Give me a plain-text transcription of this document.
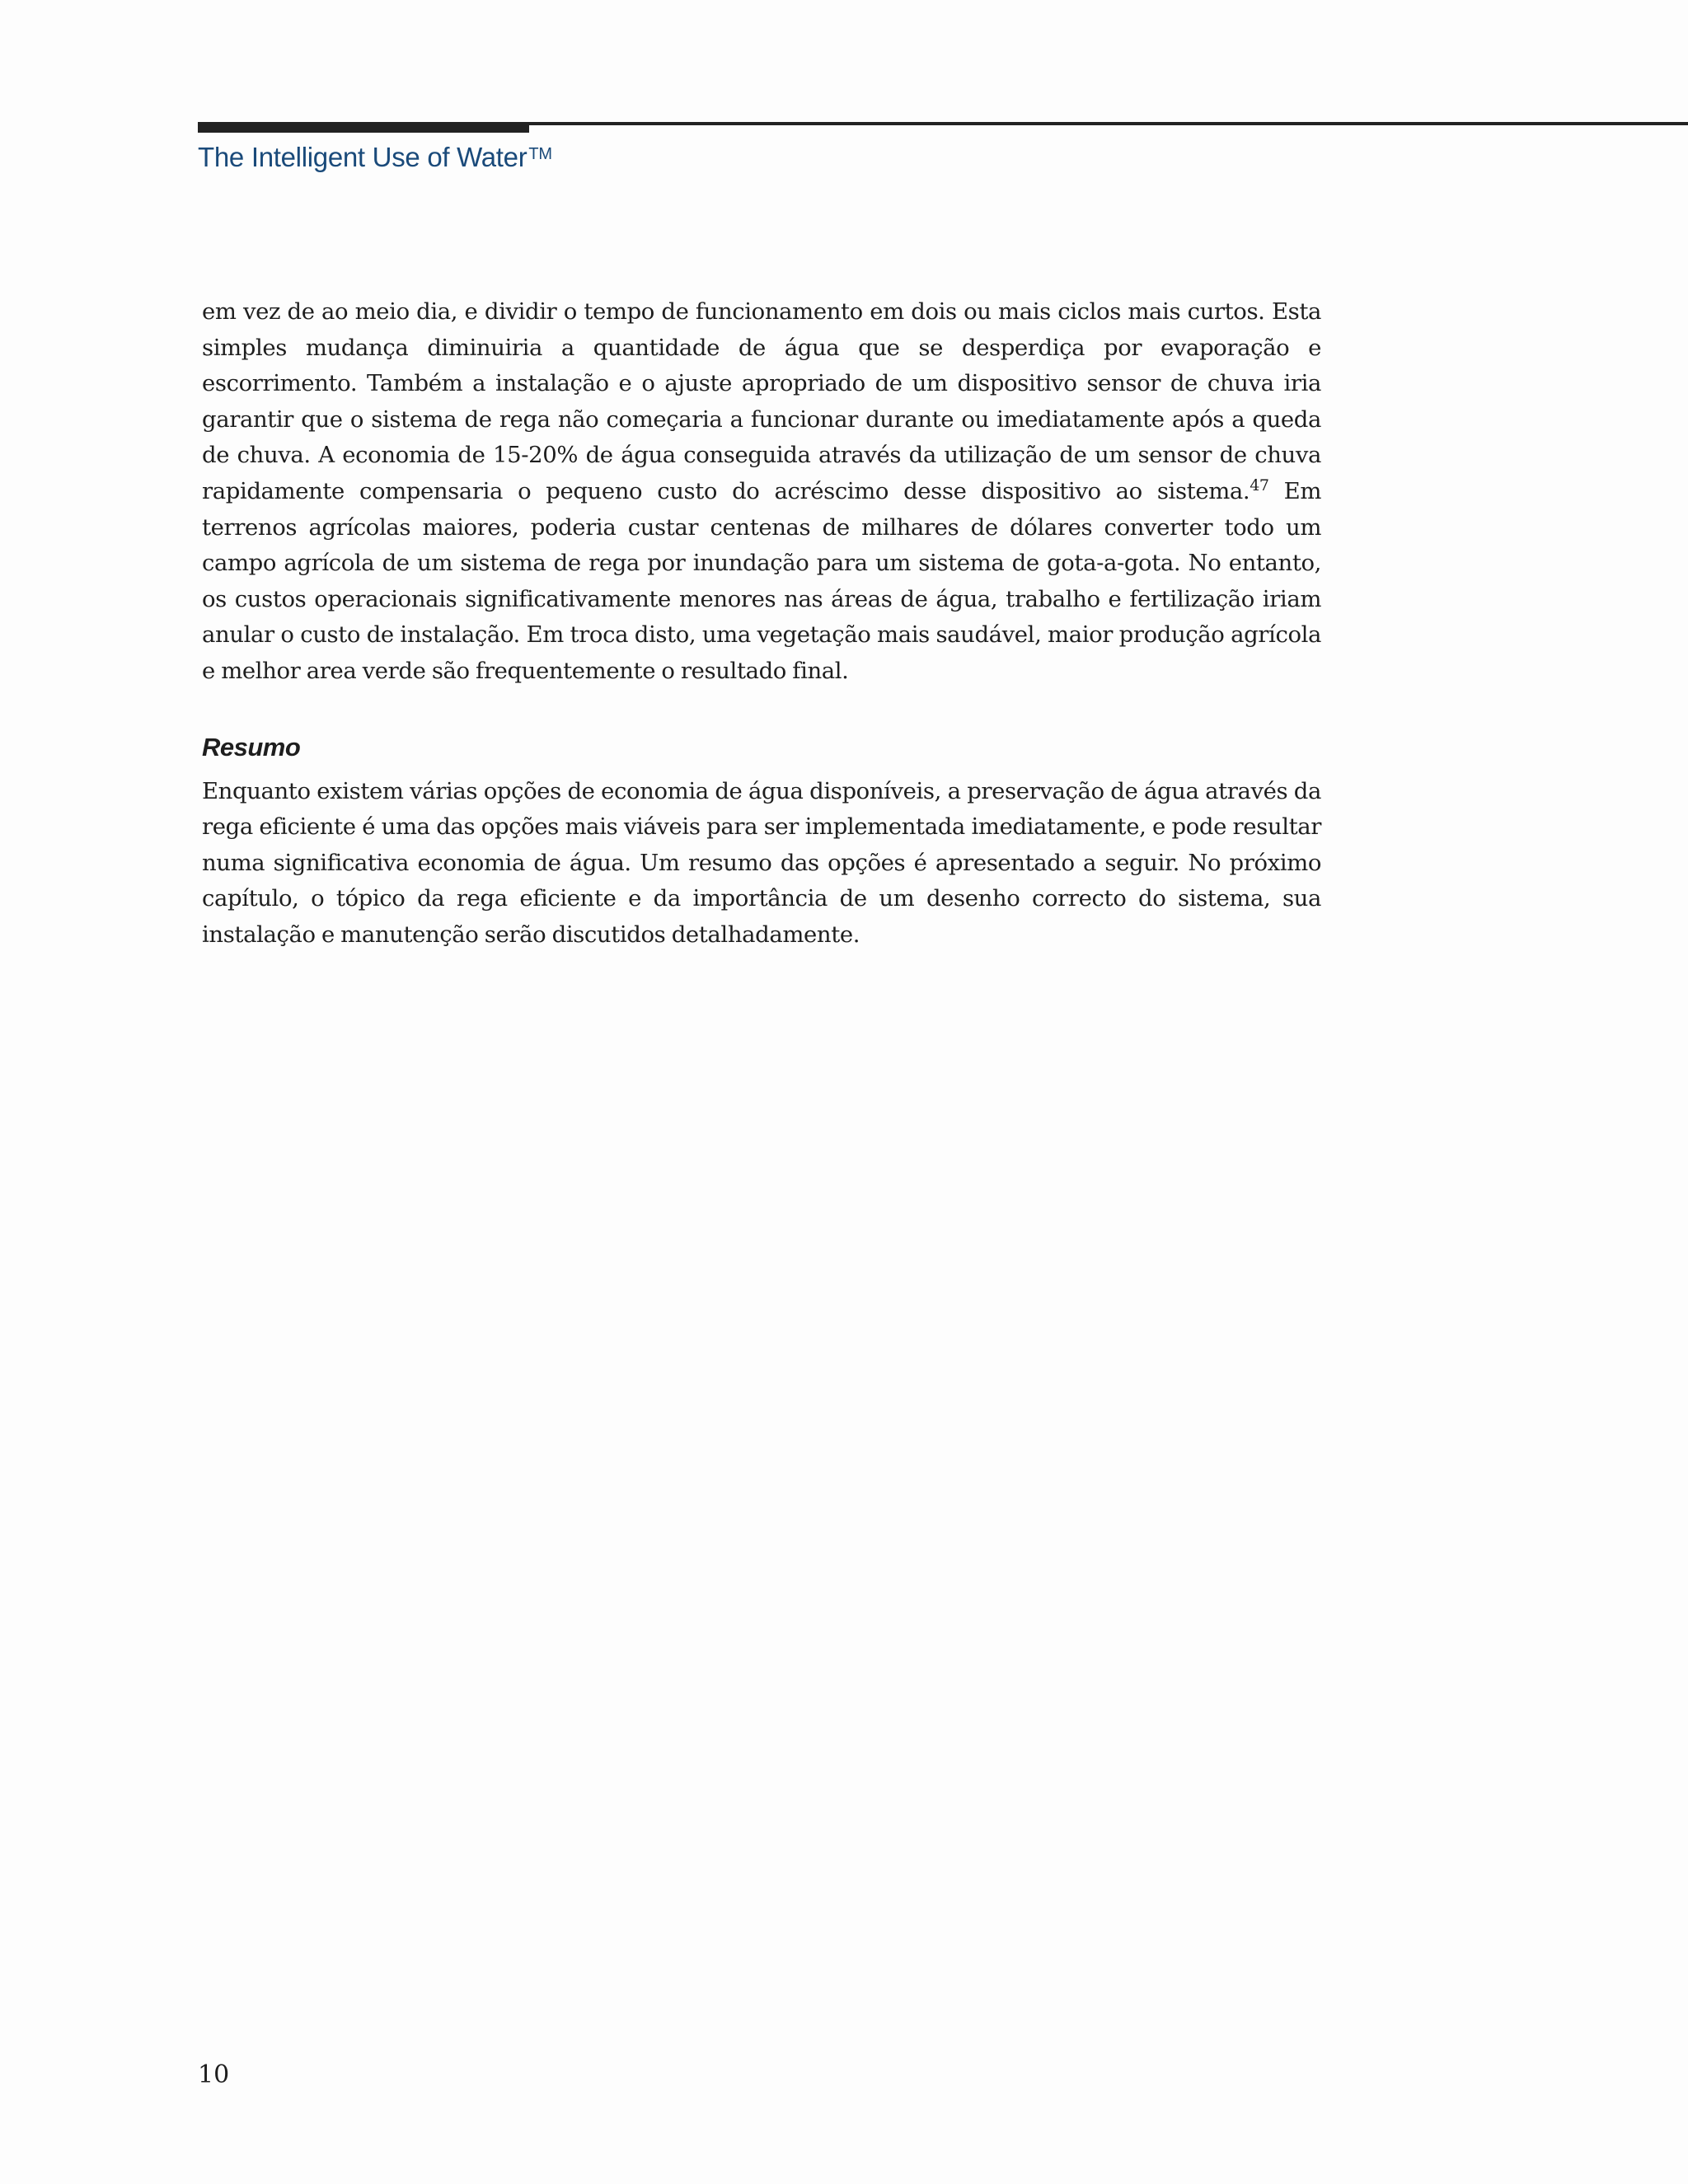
The Intelligent Use of Water ™

em vez de ao meio dia, e dividir o tempo de funcionamento em dois ou mais ciclos mais curtos. Esta simples mudança diminuiria a quantidade de água que se desperdiça por evaporação e escorrimento. Também a instalação e o ajuste apropriado de um dispositivo sensor de chuva iria garantir que o sistema de rega não começaria a funcionar durante ou imediatamente após a queda de chuva. A economia de 15-20% de água conseguida através da utilização de um sensor de chuva rapidamente compensaria o pequeno custo do acréscimo desse dispositivo ao sistema.$^{47}$ Em terrenos agrícolas maiores, poderia custar centenas de milhares de dólares converter todo um campo agrícola de um sistema de rega por inundação para um sistema de gota-a-gota. No entanto, os custos operacionais significativamente menores nas áreas de água, trabalho e fertilização iriam anular o custo de instalação. Em troca disto, uma vegetação mais saudável, maior produção agrícola e melhor area verde são frequentemente o resultado final.

Resumo

Enquanto existem várias opções de economia de água disponíveis, a preservação de água através da rega eficiente é uma das opções mais viáveis para ser implementada imediatamente, e pode resultar numa significativa economia de água. Um resumo das opções é apresentado a seguir. No próximo capítulo, o tópico da rega eficiente e da importância de um desenho correcto do sistema, sua instalação e manutenção serão discutidos detalhadamente.

10
